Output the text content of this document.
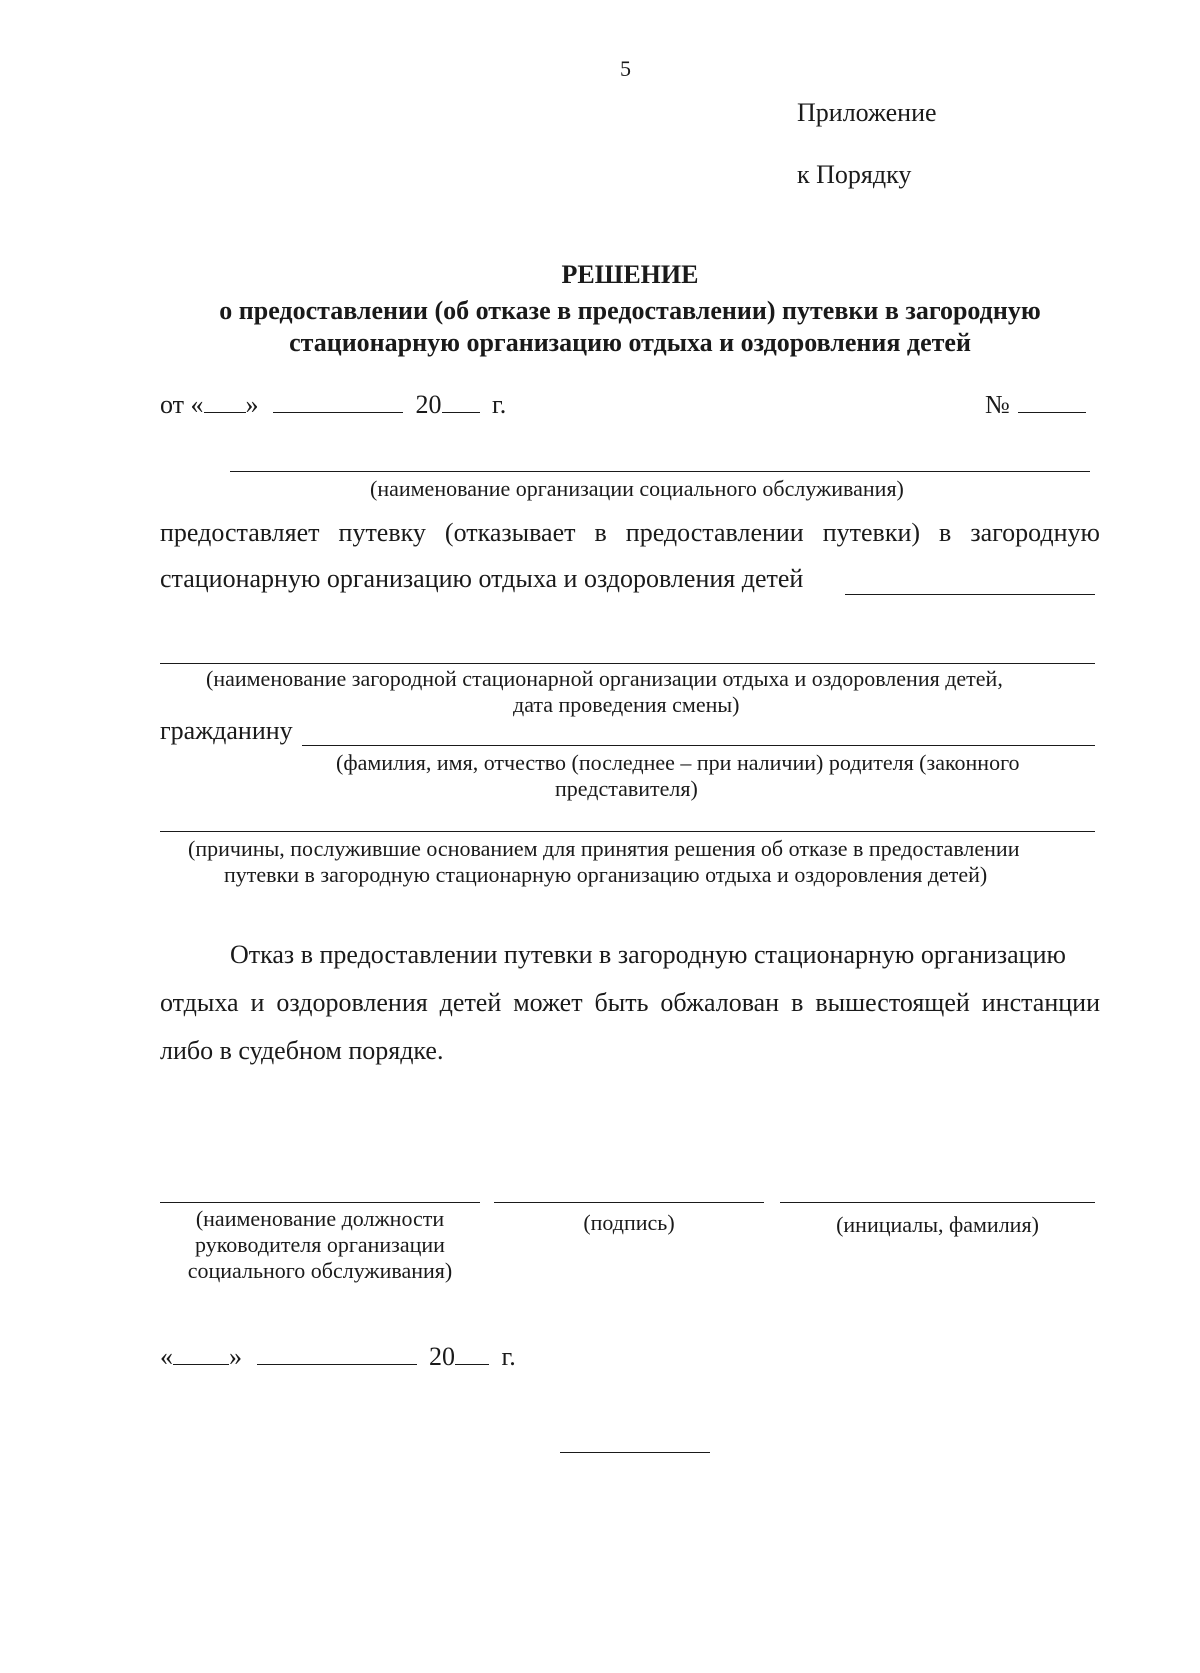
5
Приложение
к Порядку
РЕШЕНИЕ
о предоставлении (об отказе в предоставлении) путевки в загородную
стационарную организацию отдыха и оздоровления детей
от « »	20 г.	№
(наименование организации социального обслуживания)
предоставляет путевку (отказывает в предоставлении путевки) в загородную
стационарную организацию отдыха и оздоровления детей
(наименование загородной стационарной организации отдыха и оздоровления детей,
дата проведения смены)
гражданину
(фамилия, имя, отчество (последнее – при наличии) родителя (законного
представителя)
(причины, послужившие основанием для принятия решения об отказе в предоставлении
путевки в загородную стационарную организацию отдыха и оздоровления детей)
Отказ в предоставлении путевки в загородную стационарную организацию
отдыха и оздоровления детей может быть обжалован в вышестоящей инстанции
либо в судебном порядке.
(наименование должности
руководителя организации
социального обслуживания)
(подпись)	(инициалы, фамилия)
« »	20 г.
